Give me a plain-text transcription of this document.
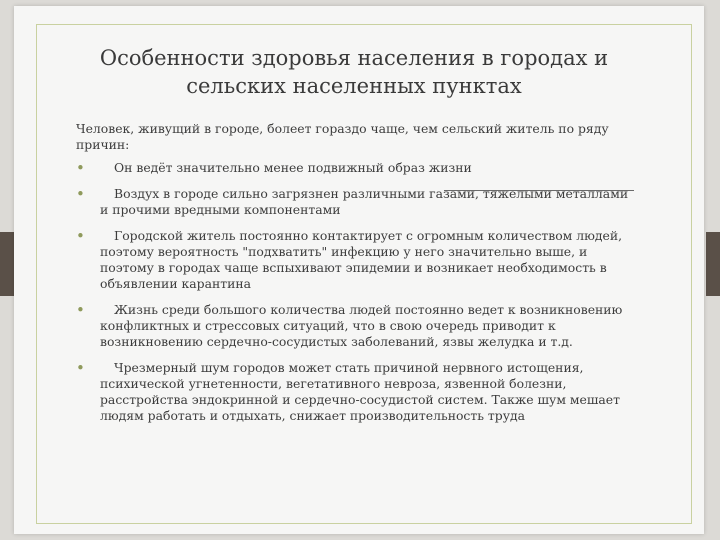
Особенности здоровья населения в городах и сельских населенных пунктах

Человек, живущий в городе, болеет гораздо чаще, чем сельский житель по ряду причин:

•	Он ведёт значительно менее подвижный образ жизни
•	Воздух в городе сильно загрязнен различными газами, тяжелыми металлами и прочими вредными компонентами
•	Городской житель постоянно контактирует с огромным количеством людей, поэтому вероятность "подхватить" инфекцию у него значительно выше, и поэтому в городах чаще вспыхивают эпидемии и возникает необходимость в объявлении карантина
•	Жизнь среди большого количества людей постоянно ведет к возникновению конфликтных и стрессовых ситуаций, что в свою очередь приводит к возникновению сердечно-сосудистых заболеваний, язвы желудка и т.д.
•	Чрезмерный шум городов может стать причиной нервного истощения, психической угнетенности, вегетативного невроза, язвенной болезни, расстройства эндокринной и сердечно-сосудистой систем. Также шум мешает людям работать и отдыхать, снижает производительность труда
